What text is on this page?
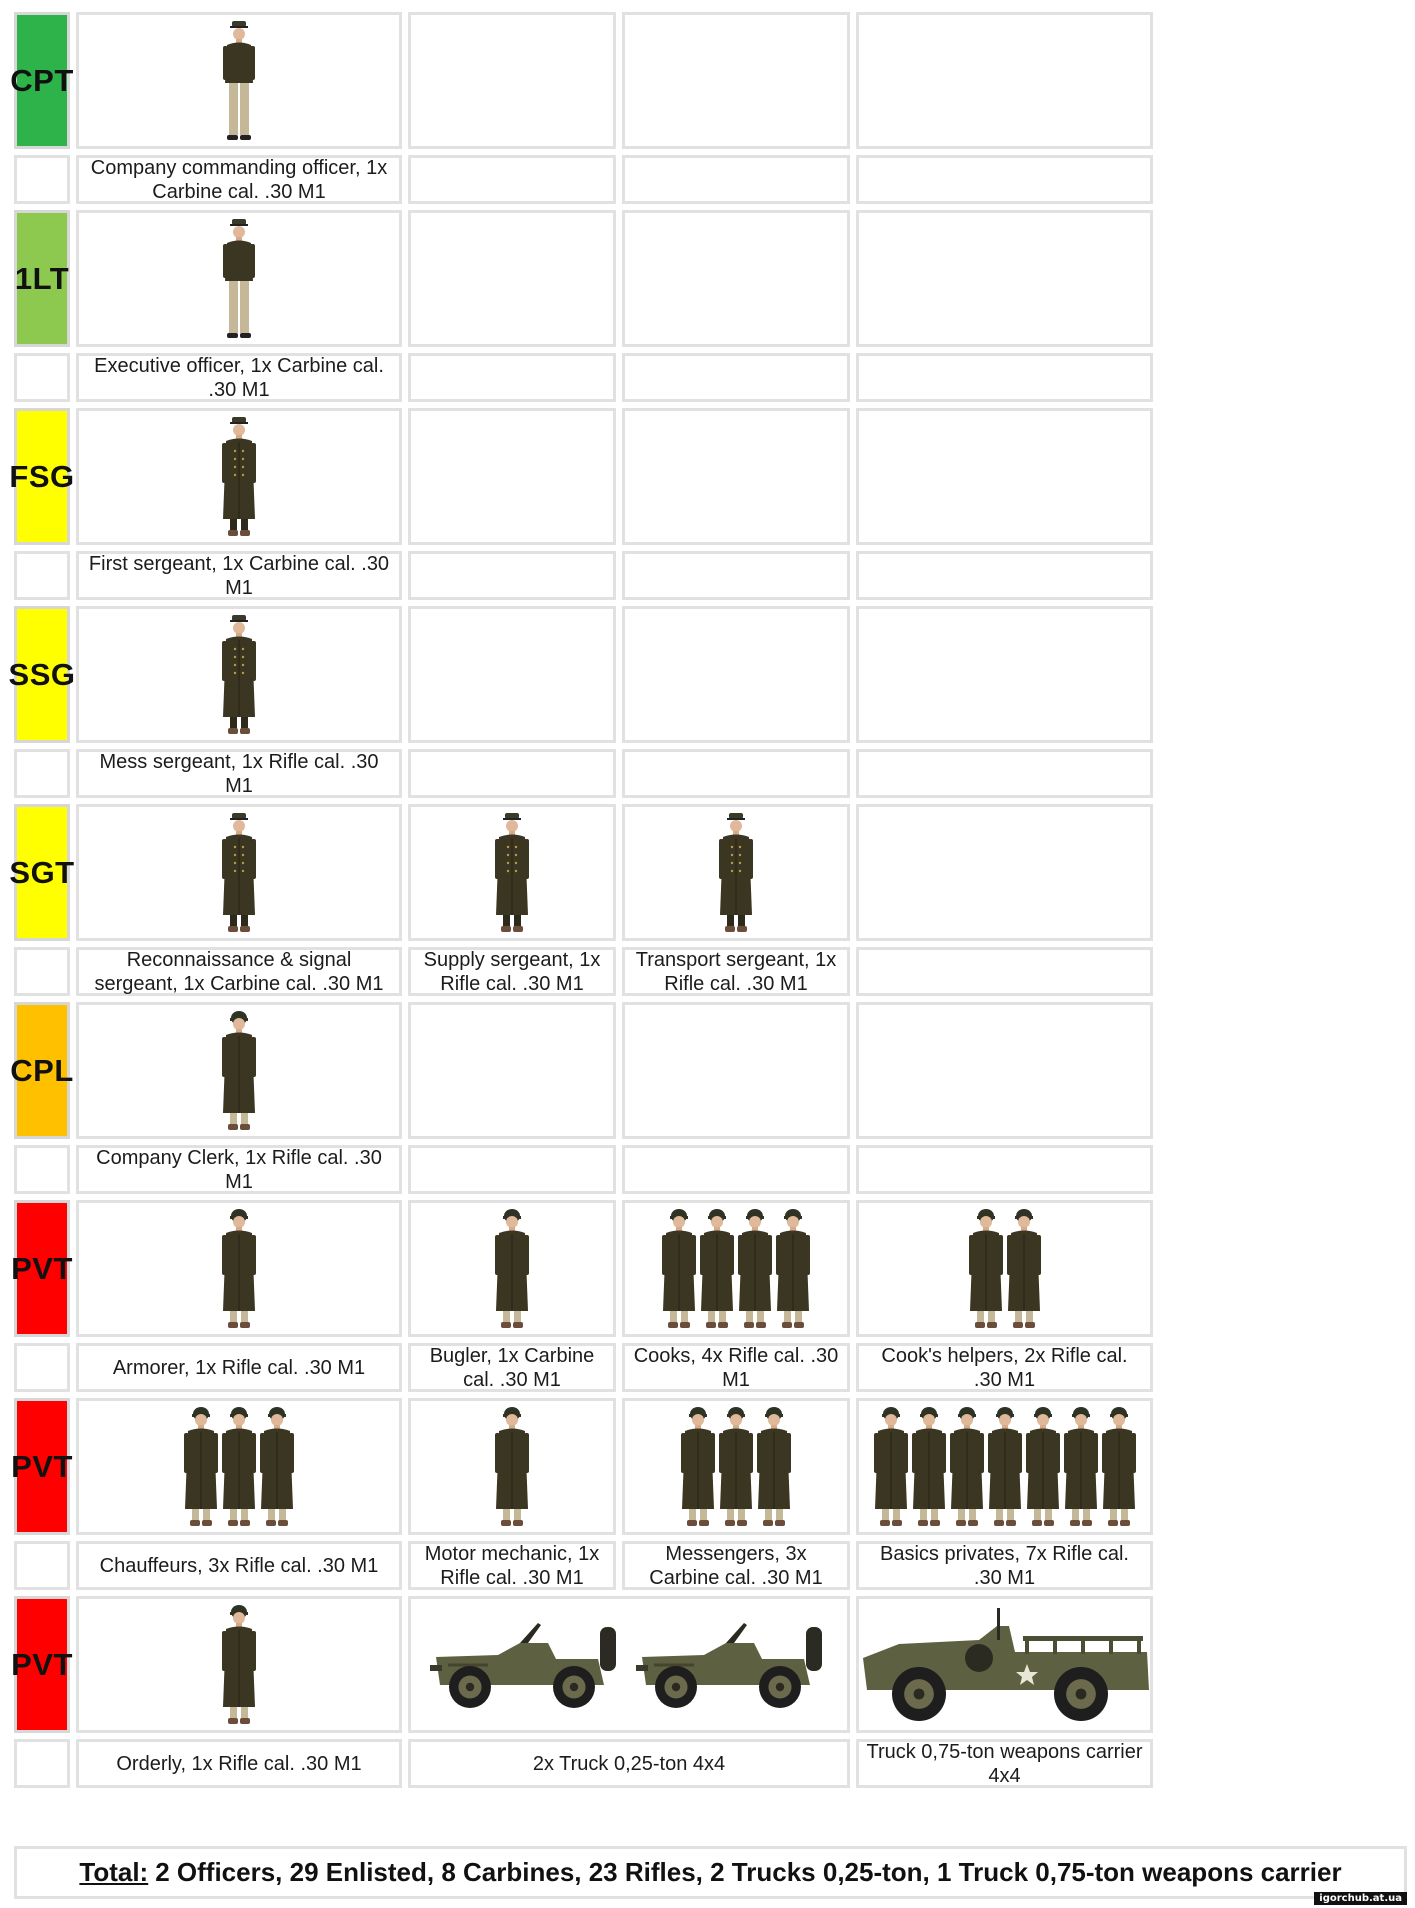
CPT
Company commanding officer, 1x Carbine cal. .30 M1
1LT
Executive officer, 1x Carbine cal. .30 M1
FSG
First sergeant, 1x Carbine cal. .30 M1
SSG
Mess sergeant, 1x Rifle cal. .30 M1
SGT
Reconnaissance & signal sergeant, 1x Carbine cal. .30 M1
Supply sergeant, 1x Rifle cal. .30 M1
Transport sergeant, 1x Rifle cal. .30 M1
CPL
Company Clerk, 1x Rifle cal. .30 M1
PVT
Armorer, 1x Rifle cal. .30 M1
Bugler, 1x Carbine cal. .30 M1
Cooks, 4x Rifle cal. .30 M1
Cook's helpers, 2x Rifle cal. .30 M1
PVT
Chauffeurs, 3x Rifle cal. .30 M1
Motor mechanic, 1x Rifle cal. .30 M1
Messengers, 3x Carbine cal. .30 M1
Basics privates, 7x Rifle cal. .30 M1
PVT
Orderly, 1x Rifle cal. .30 M1	2x Truck 0,25-ton 4x4
Truck 0,75-ton weapons carrier 4x4
Total: 2 Officers, 29 Enlisted, 8 Carbines, 23 Rifles, 2 Trucks 0,25-ton, 1 Truck 0,75-ton weapons carrier
igorchub.at.ua
